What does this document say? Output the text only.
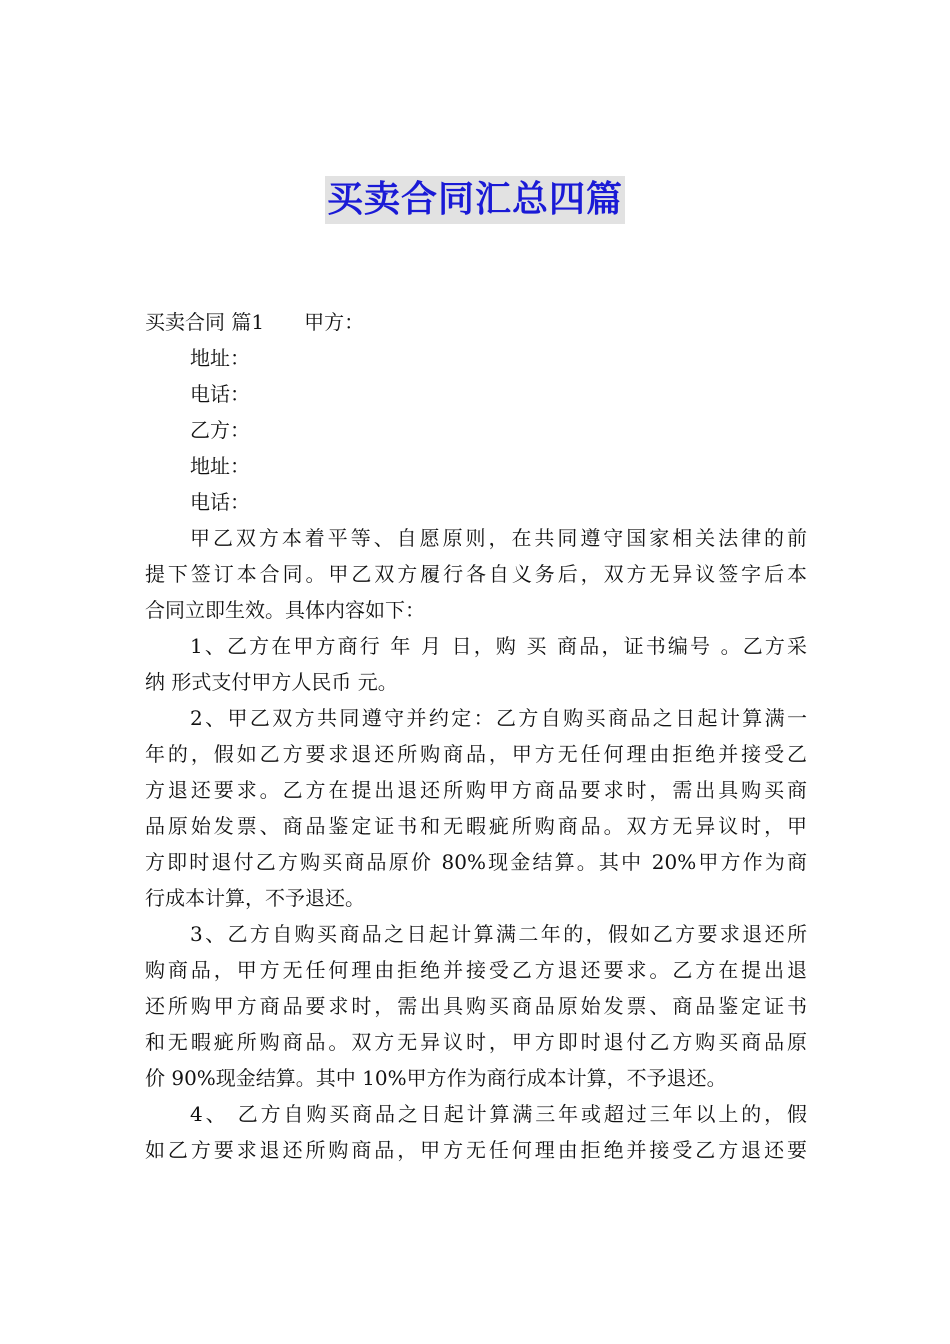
买卖合同汇总四篇

买卖合同 篇1 甲方：

地址：

电话：

乙方：

地址：

电话：

甲乙双方本着平等、自愿原则，在共同遵守国家相关法律的前
提下签订本合同。甲乙双方履行各自义务后，双方无异议签字后本
合同立即生效。具体内容如下：
1、乙方在甲方商行 年 月 日，购 买 商品，证书编号 。乙方采
纳 形式支付甲方人民币 元。
2、甲乙双方共同遵守并约定：乙方自购买商品之日起计算满一
年的，假如乙方要求退还所购商品，甲方无任何理由拒绝并接受乙
方退还要求。乙方在提出退还所购甲方商品要求时，需出具购买商
品原始发票、商品鉴定证书和无暇疵所购商品。双方无异议时，甲
方即时退付乙方购买商品原价 80%现金结算。其中 20%甲方作为商
行成本计算，不予退还。
3、乙方自购买商品之日起计算满二年的，假如乙方要求退还所
购商品，甲方无任何理由拒绝并接受乙方退还要求。乙方在提出退
还所购甲方商品要求时，需出具购买商品原始发票、商品鉴定证书
和无暇疵所购商品。双方无异议时，甲方即时退付乙方购买商品原
价 90%现金结算。其中 10%甲方作为商行成本计算，不予退还。
4、 乙方自购买商品之日起计算满三年或超过三年以上的，假
如乙方要求退还所购商品，甲方无任何理由拒绝并接受乙方退还要
